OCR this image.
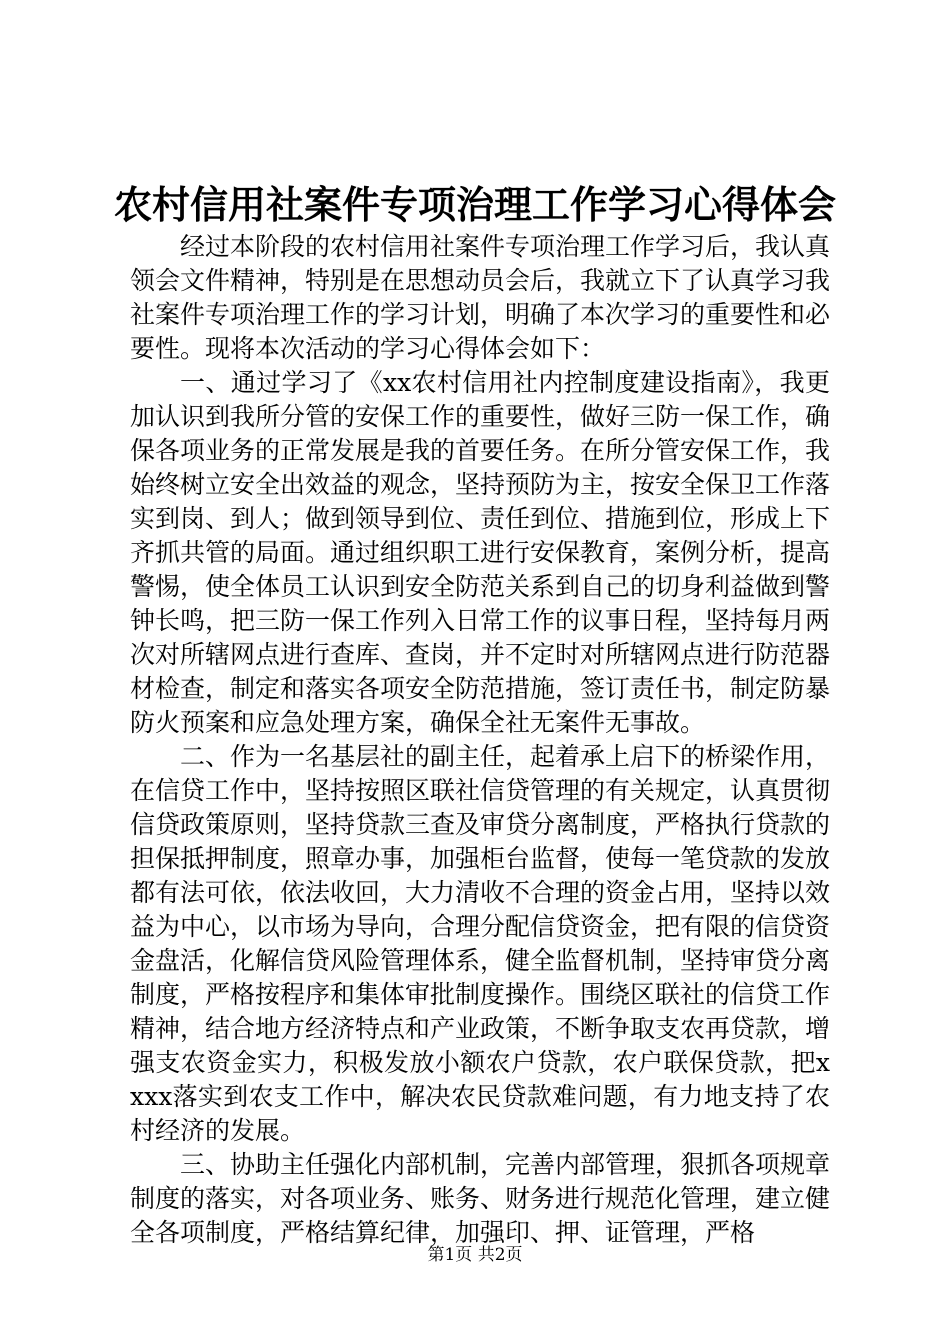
农村信用社案件专项治理工作学习心得体会

经过本阶段的农村信用社案件专项治理工作学习后，我认真领会文件精神，特别是在思想动员会后，我就立下了认真学习我社案件专项治理工作的学习计划，明确了本次学习的重要性和必要性。现将本次活动的学习心得体会如下：

一、通过学习了《xx农村信用社内控制度建设指南》，我更加认识到我所分管的安保工作的重要性，做好三防一保工作，确保各项业务的正常发展是我的首要任务。在所分管安保工作，我始终树立安全出效益的观念，坚持预防为主，按安全保卫工作落实到岗、到人；做到领导到位、责任到位、措施到位，形成上下齐抓共管的局面。通过组织职工进行安保教育，案例分析，提高警惕，使全体员工认识到安全防范关系到自己的切身利益做到警钟长鸣，把三防一保工作列入日常工作的议事日程，坚持每月两次对所辖网点进行查库、查岗，并不定时对所辖网点进行防范器材检查，制定和落实各项安全防范措施，签订责任书，制定防暴防火预案和应急处理方案，确保全社无案件无事故。

二、作为一名基层社的副主任，起着承上启下的桥梁作用，在信贷工作中，坚持按照区联社信贷管理的有关规定，认真贯彻信贷政策原则，坚持贷款三查及审贷分离制度，严格执行贷款的担保抵押制度，照章办事，加强柜台监督，使每一笔贷款的发放都有法可依，依法收回，大力清收不合理的资金占用，坚持以效益为中心，以市场为导向，合理分配信贷资金，把有限的信贷资金盘活，化解信贷风险管理体系，健全监督机制，坚持审贷分离制度，严格按程序和集体审批制度操作。围绕区联社的信贷工作精神，结合地方经济特点和产业政策，不断争取支农再贷款，增强支农资金实力，积极发放小额农户贷款，农户联保贷款，把xxxx落实到农支工作中，解决农民贷款难问题，有力地支持了农村经济的发展。

三、协助主任强化内部机制，完善内部管理，狠抓各项规章制度的落实，对各项业务、账务、财务进行规范化管理，建立健全各项制度，严格结算纪律，加强印、押、证管理，严格

第1页 共2页
